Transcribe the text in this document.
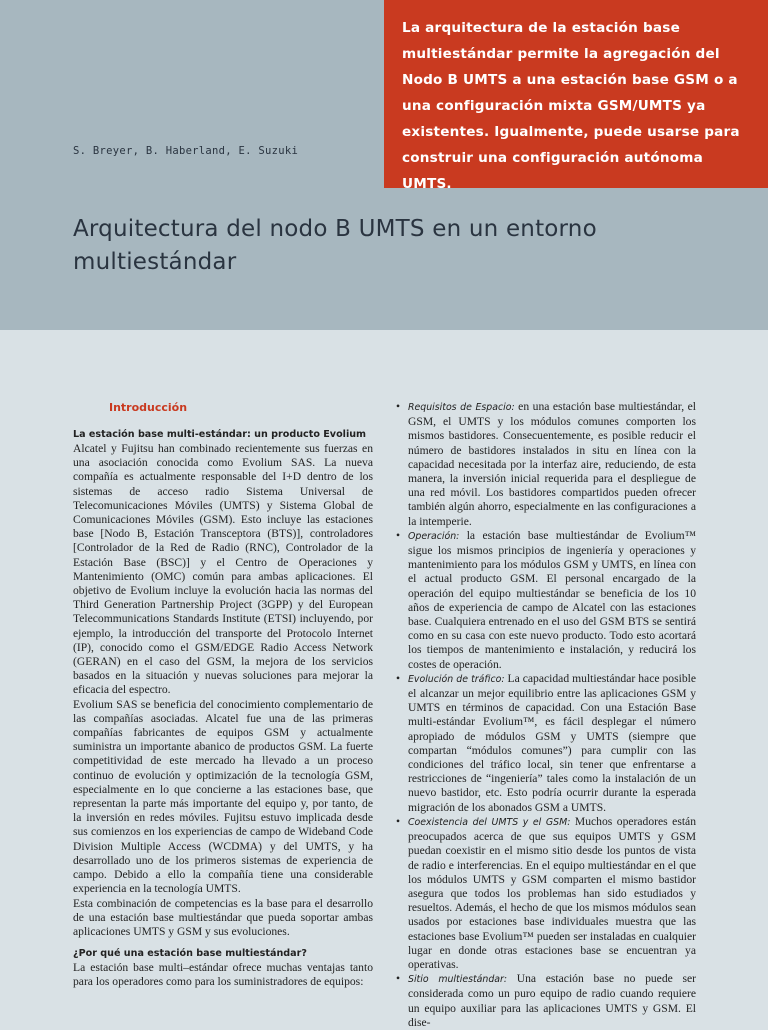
La arquitectura de la estación base multiestándar permite la agregación del Nodo B UMTS a una estación base GSM o a una configuración mixta GSM/UMTS ya existentes. Igualmente, puede usarse para construir una configuración autónoma UMTS.
S. Breyer, B. Haberland, E. Suzuki
Arquitectura del nodo B UMTS en un entorno multiestándar
Introducción
La estación base multi-estándar: un producto Evolium

Alcatel y Fujitsu han combinado recientemente sus fuerzas en una asociación conocida como Evolium SAS. La nueva compañía es actualmente responsable del I+D dentro de los sistemas de acceso radio Sistema Universal de Telecomunicaciones Móviles (UMTS) y Sistema Global de Comunicaciones Móviles (GSM). Esto incluye las estaciones base [Nodo B, Estación Transceptora (BTS)], controladores [Controlador de la Red de Radio (RNC), Controlador de la Estación Base (BSC)] y el Centro de Operaciones y Mantenimiento (OMC) común para ambas aplicaciones. El objetivo de Evolium incluye la evolución hacia las normas del Third Generation Partnership Project (3GPP) y del European Telecommunications Standards Institute (ETSI) incluyendo, por ejemplo, la introducción del transporte del Protocolo Internet (IP), conocido como el GSM/EDGE Radio Access Network (GERAN) en el caso del GSM, la mejora de los servicios basados en la situación y nuevas soluciones para mejorar la eficacia del espectro.

Evolium SAS se beneficia del conocimiento complementario de las compañías asociadas. Alcatel fue una de las primeras compañías fabricantes de equipos GSM y actualmente suministra un importante abanico de productos GSM. La fuerte competitividad de este mercado ha llevado a un proceso continuo de evolución y optimización de la tecnología GSM, especialmente en lo que concierne a las estaciones base, que representan la parte más importante del equipo y, por tanto, de la inversión en redes móviles. Fujitsu estuvo implicada desde sus comienzos en los experiencias de campo de Wideband Code Division Multiple Access (WCDMA) y del UMTS, y ha desarrollado uno de los primeros sistemas de experiencia de campo. Debido a ello la compañía tiene una considerable experiencia en la tecnología UMTS.

Esta combinación de competencias es la base para el desarrollo de una estación base multiestándar que pueda soportar ambas aplicaciones UMTS y GSM y sus evoluciones.

¿Por qué una estación base multiestándar?

La estación base multi–estándar ofrece muchas ventajas tanto para los operadores como para los suministradores de equipos:

• Requisitos de Espacio: en una estación base multiestándar, el GSM, el UMTS y los módulos comunes comporten los mismos bastidores. Consecuentemente, es posible reducir el número de bastidores instalados in situ en línea con la capacidad necesitada por la interfaz aire, reduciendo, de esta manera, la inversión inicial requerida para el despliegue de una red móvil. Los bastidores compartidos pueden ofrecer también algún ahorro, especialmente en las configuraciones a la intemperie.

• Operación: la estación base multiestándar de Evolium™ sigue los mismos principios de ingeniería y operaciones y mantenimiento para los módulos GSM y UMTS, en línea con el actual producto GSM. El personal encargado de la operación del equipo multiestándar se beneficia de los 10 años de experiencia de campo de Alcatel con las estaciones base. Cualquiera entrenado en el uso del GSM BTS se sentirá como en su casa con este nuevo producto. Todo esto acortará los tiempos de mantenimiento e instalación, y reducirá los costes de operación.

• Evolución de tráfico: La capacidad multiestándar hace posible el alcanzar un mejor equilibrio entre las aplicaciones GSM y UMTS en términos de capacidad. Con una Estación Base multi-estándar Evolium™, es fácil desplegar el número apropiado de módulos GSM y UMTS (siempre que compartan “módulos comunes”) para cumplir con las condiciones del tráfico local, sin tener que enfrentarse a restricciones de “ingeniería” tales como la instalación de un nuevo bastidor, etc. Esto podría ocurrir durante la esperada migración de los abonados GSM a UMTS.

• Coexistencia del UMTS y el GSM: Muchos operadores están preocupados acerca de que sus equipos UMTS y GSM puedan coexistir en el mismo sitio desde los puntos de vista de radio e interferencias. En el equipo multiestándar en el que los módulos UMTS y GSM comparten el mismo bastidor asegura que todos los problemas han sido estudiados y resueltos. Además, el hecho de que los mismos módulos sean usados por estaciones base individuales muestra que las estaciones base Evolium™ pueden ser instaladas en cualquier lugar en donde otras estaciones base se encuentran ya operativas.

• Sitio multiestándar: Una estación base no puede ser considerada como un puro equipo de radio cuando requiere un equipo auxiliar para las aplicaciones UMTS y GSM. El dise-
